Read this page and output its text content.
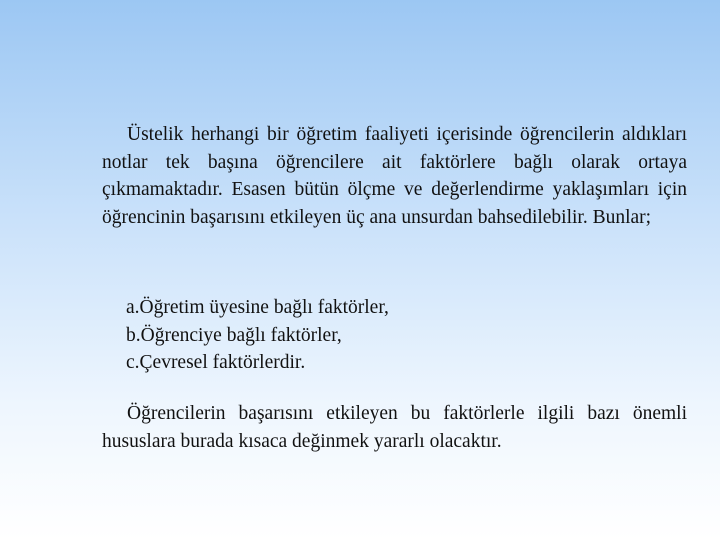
Üstelik herhangi bir öğretim faaliyeti içerisinde öğrencilerin aldıkları notlar tek başına öğrencilere ait faktörlere bağlı olarak ortaya çıkmamaktadır. Esasen bütün ölçme ve değerlendirme yaklaşımları için öğrencinin başarısını etkileyen üç ana unsurdan bahsedilebilir. Bunlar;

a.Öğretim üyesine bağlı faktörler,
b.Öğrenciye bağlı faktörler,
c.Çevresel faktörlerdir.

Öğrencilerin başarısını etkileyen bu faktörlerle ilgili bazı önemli hususlara burada kısaca değinmek yararlı olacaktır.
